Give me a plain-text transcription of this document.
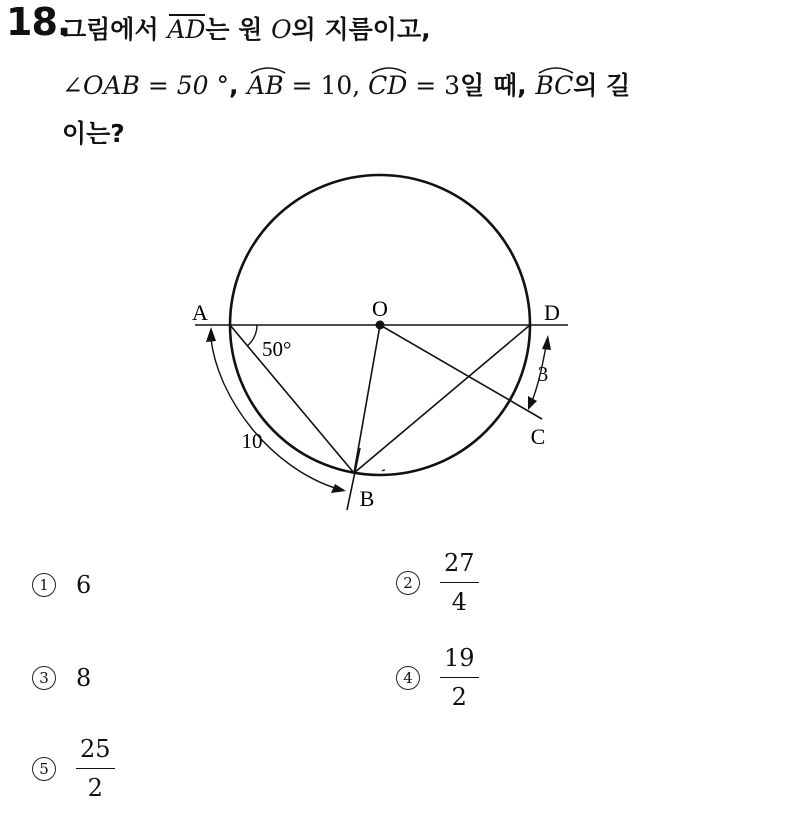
18.
그림에서
AD는 원 O의 지름이고,
∠OAB = 50 °,
AB = 10,
CD = 3일 때,
BC의 길
이는?
A	O	D
B
C
50°
10
3
1	6	2	$\frac{27}{4}$
3	8	4	$\frac{19}{2}$
5	$\frac{25}{2}$
